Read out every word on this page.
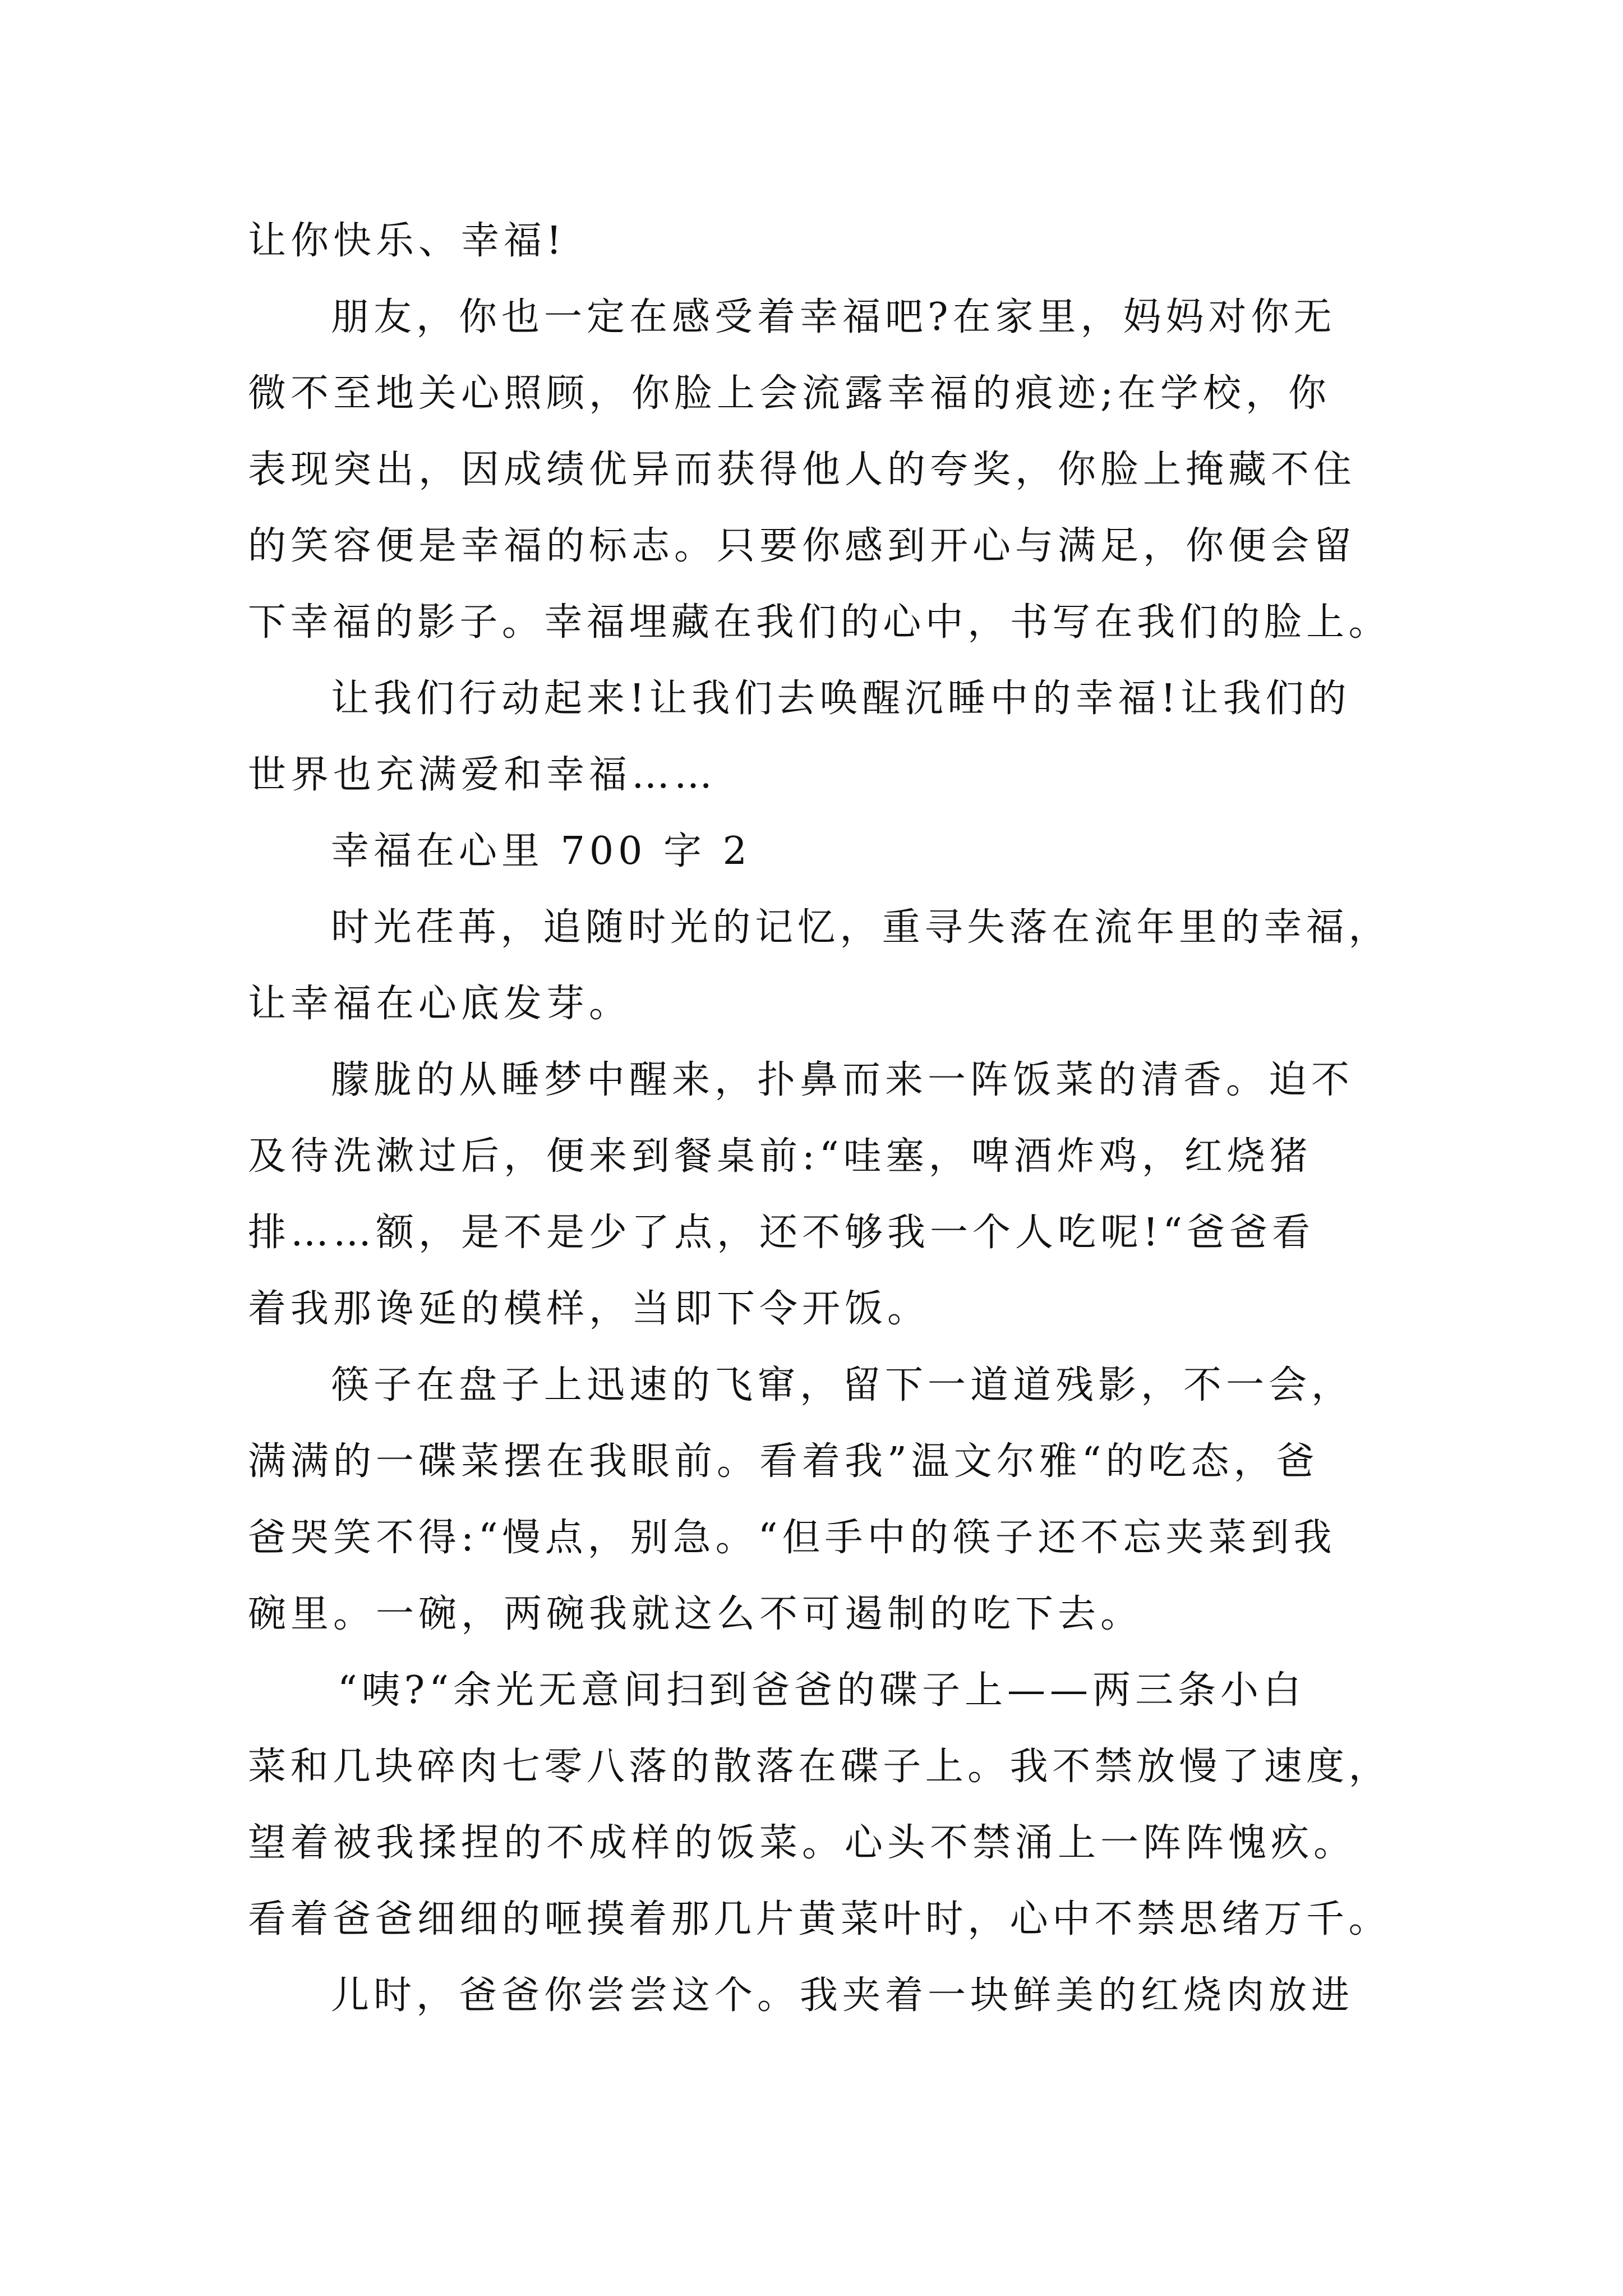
让你快乐、幸福!

朋友，你也一定在感受着幸福吧?在家里，妈妈对你无

微不至地关心照顾，你脸上会流露幸福的痕迹;在学校，你

表现突出，因成绩优异而获得他人的夸奖，你脸上掩藏不住

的笑容便是幸福的标志。只要你感到开心与满足，你便会留

下幸福的影子。幸福埋藏在我们的心中，书写在我们的脸上。

让我们行动起来!让我们去唤醒沉睡中的幸福!让我们的

世界也充满爱和幸福……

幸福在心里 700 字 2

时光荏苒，追随时光的记忆，重寻失落在流年里的幸福，

让幸福在心底发芽。

朦胧的从睡梦中醒来，扑鼻而来一阵饭菜的清香。迫不

及待洗漱过后，便来到餐桌前:“哇塞，啤酒炸鸡，红烧猪

排……额，是不是少了点，还不够我一个人吃呢!“爸爸看

着我那谗延的模样，当即下令开饭。

筷子在盘子上迅速的飞窜，留下一道道残影，不一会，

满满的一碟菜摆在我眼前。看着我”温文尔雅“的吃态，爸

爸哭笑不得:“慢点，别急。“但手中的筷子还不忘夹菜到我

碗里。一碗，两碗我就这么不可遏制的吃下去。

“咦?“余光无意间扫到爸爸的碟子上——两三条小白

菜和几块碎肉七零八落的散落在碟子上。我不禁放慢了速度，

望着被我揉捏的不成样的饭菜。心头不禁涌上一阵阵愧疚。

看着爸爸细细的咂摸着那几片黄菜叶时，心中不禁思绪万千。

儿时，爸爸你尝尝这个。我夹着一块鲜美的红烧肉放进
